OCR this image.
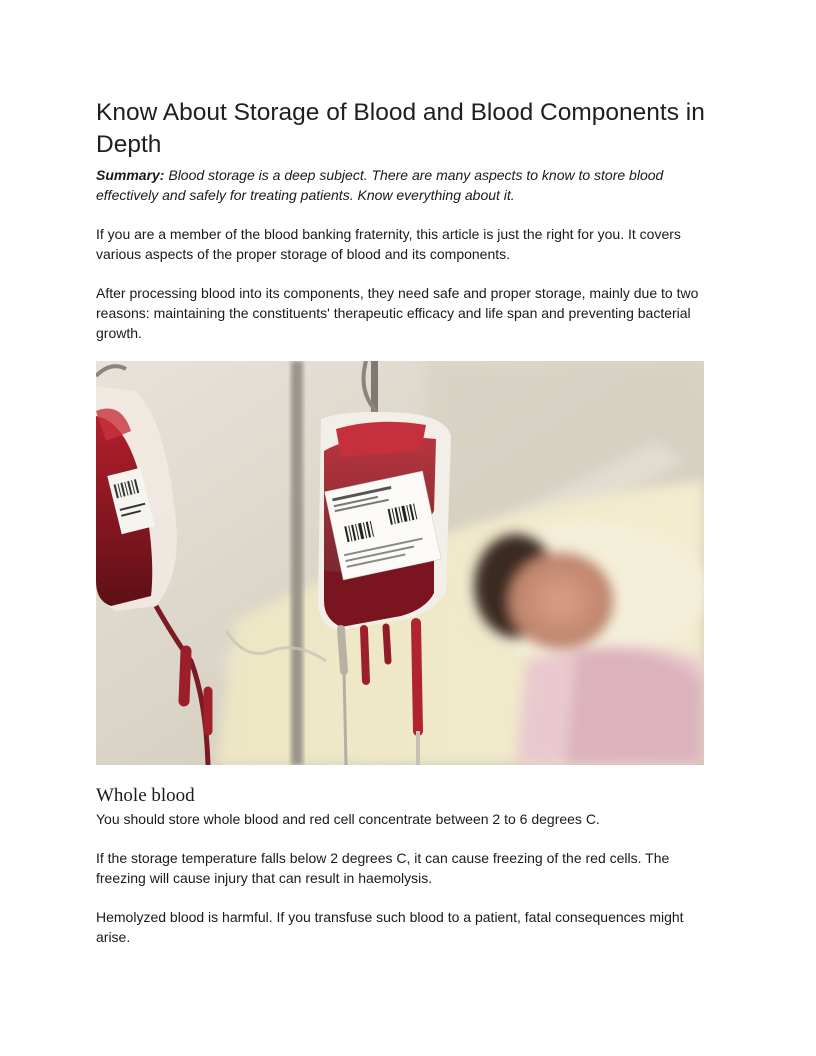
Know About Storage of Blood and Blood Components in Depth

Summary: Blood storage is a deep subject. There are many aspects to know to store blood effectively and safely for treating patients. Know everything about it.

If you are a member of the blood banking fraternity, this article is just the right for you. It covers various aspects of the proper storage of blood and its components.

After processing blood into its components, they need safe and proper storage, mainly due to two reasons: maintaining the constituents' therapeutic efficacy and life span and preventing bacterial growth.

Whole blood

You should store whole blood and red cell concentrate between 2 to 6 degrees C.

If the storage temperature falls below 2 degrees C, it can cause freezing of the red cells. The freezing will cause injury that can result in haemolysis.

Hemolyzed blood is harmful. If you transfuse such blood to a patient, fatal consequences might arise.
